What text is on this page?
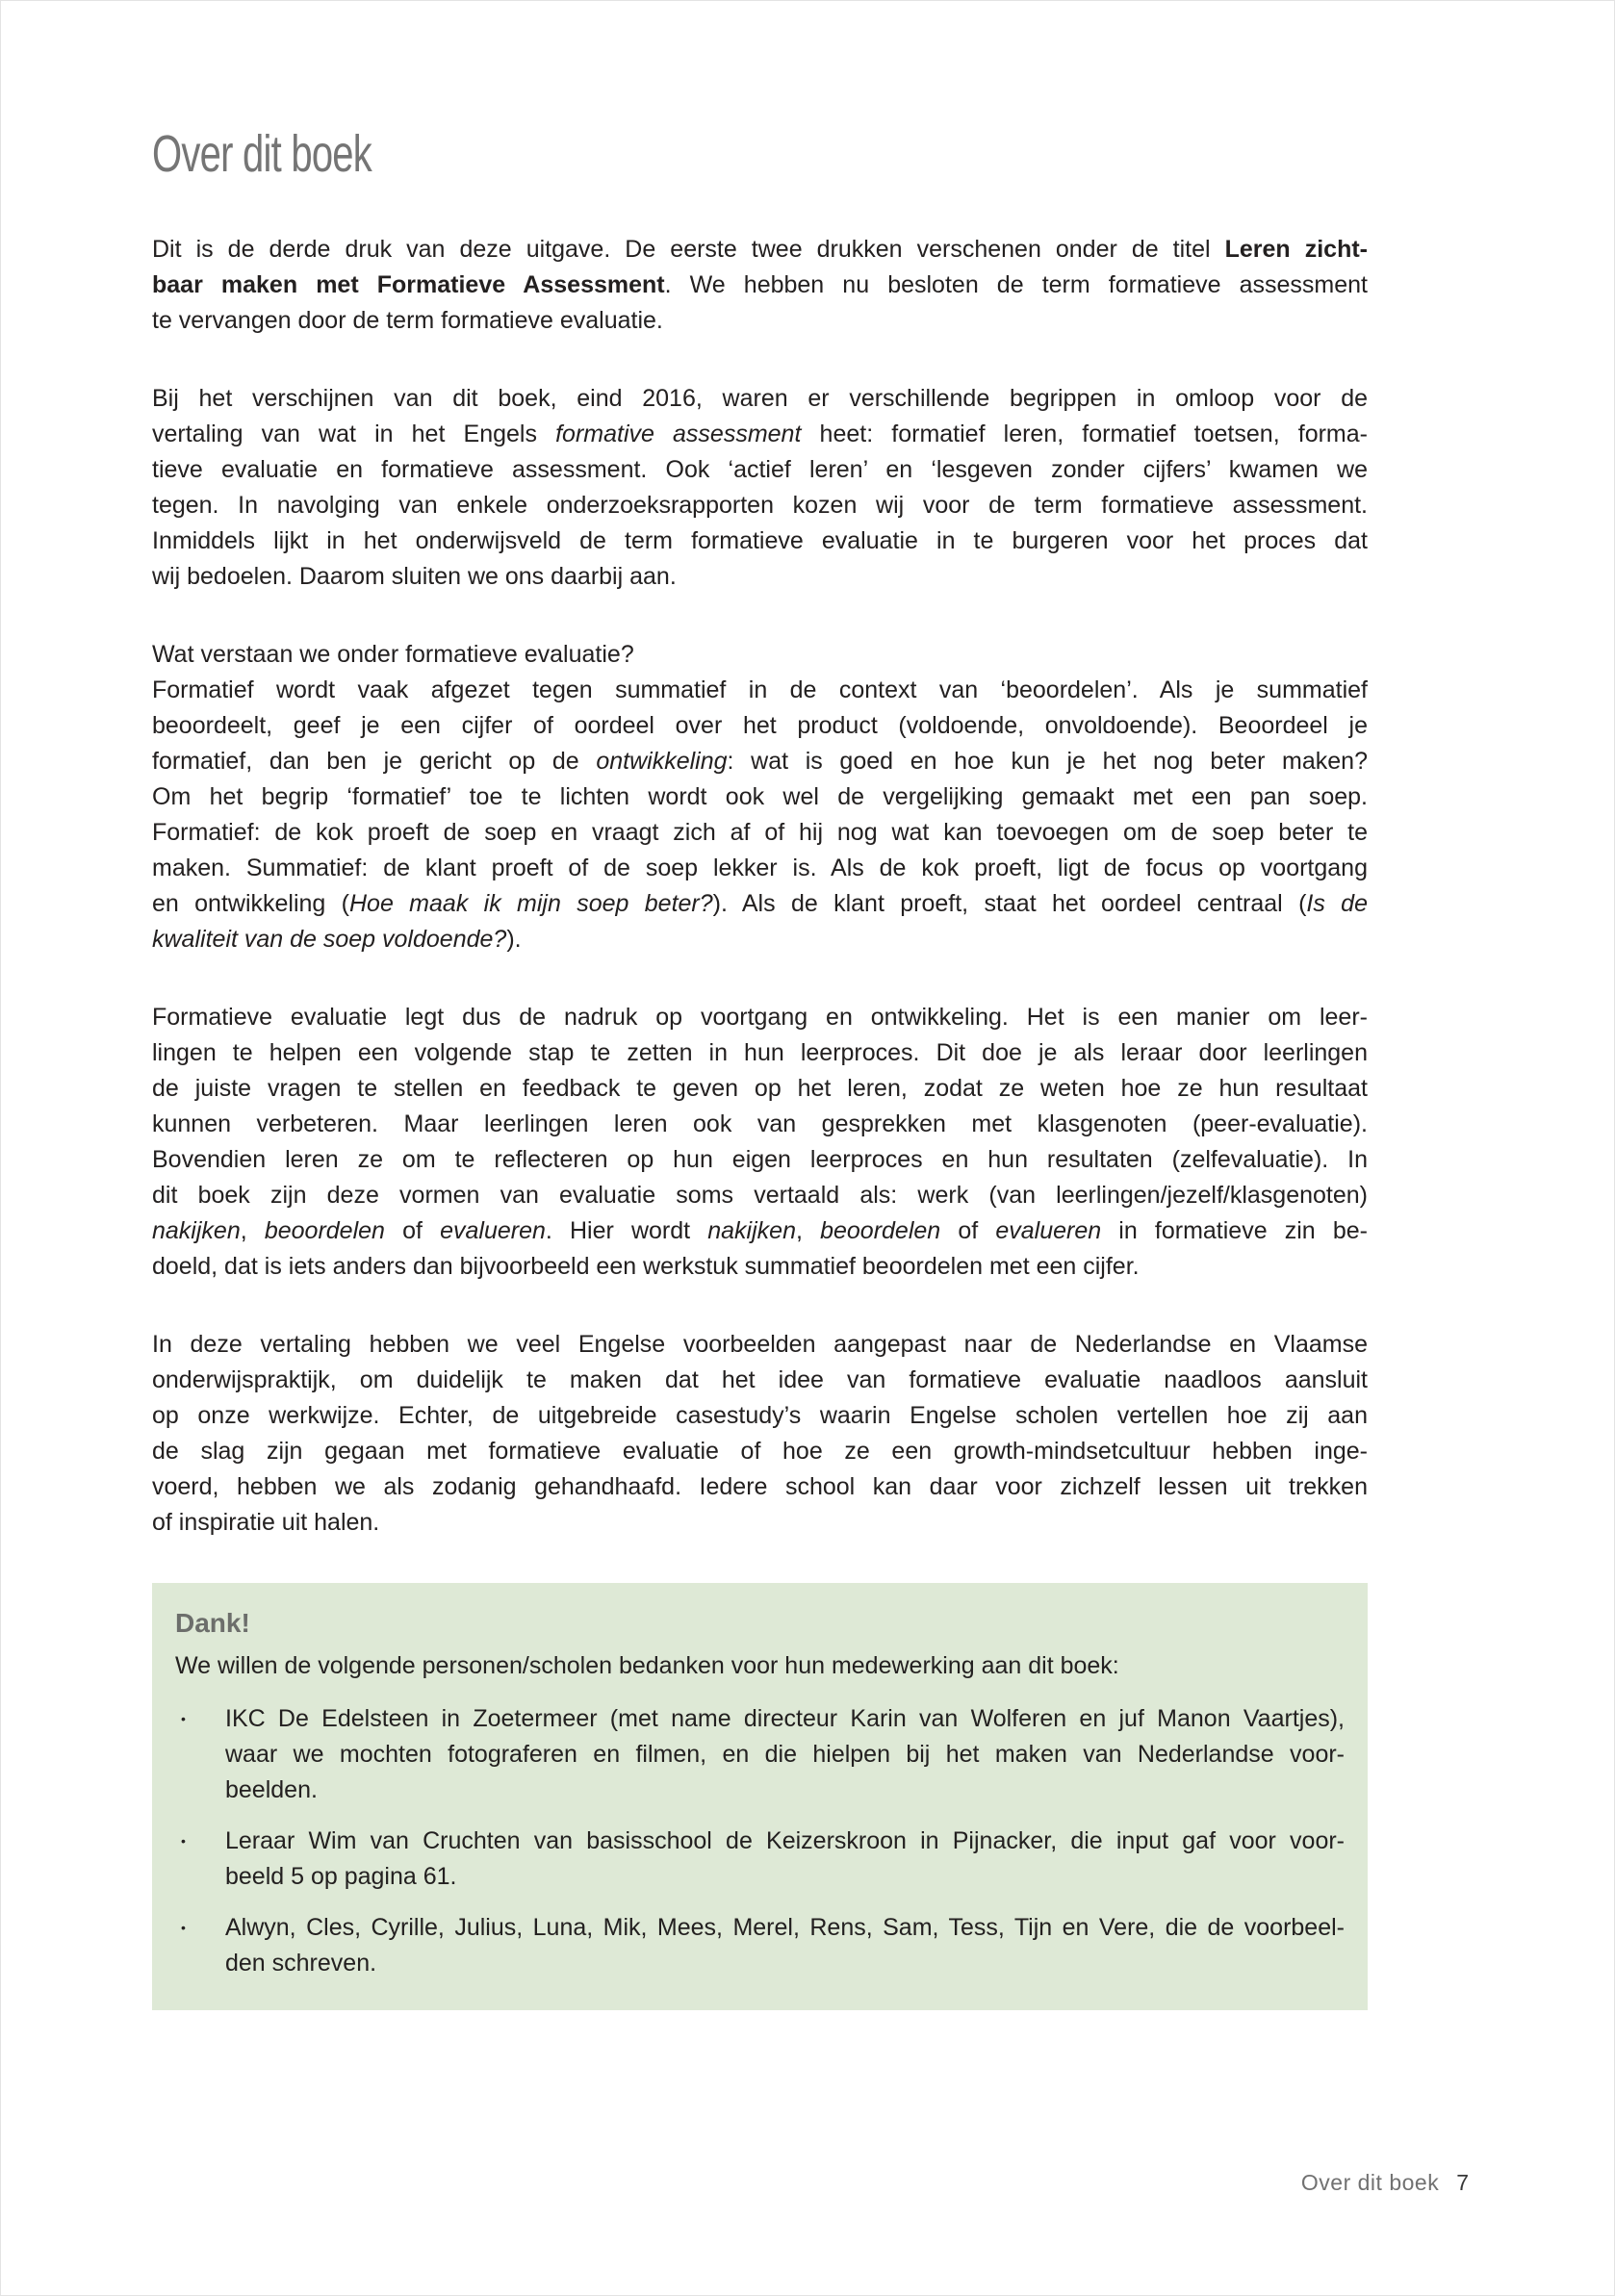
Over dit boek
Dit is de derde druk van deze uitgave. De eerste twee drukken verschenen onder de titel Leren zicht-
baar maken met Formatieve Assessment. We hebben nu besloten de term formatieve assessment
te vervangen door de term formatieve evaluatie.
Bij het verschijnen van dit boek, eind 2016, waren er verschillende begrippen in omloop voor de
vertaling van wat in het Engels formative assessment heet: formatief leren, formatief toetsen, forma-
tieve evaluatie en formatieve assessment. Ook ‘actief leren’ en ‘lesgeven zonder cijfers’ kwamen we
tegen. In navolging van enkele onderzoeksrapporten kozen wij voor de term formatieve assessment.
Inmiddels lijkt in het onderwijsveld de term formatieve evaluatie in te burgeren voor het proces dat
wij bedoelen. Daarom sluiten we ons daarbij aan.
Wat verstaan we onder formatieve evaluatie?
Formatief wordt vaak afgezet tegen summatief in de context van ‘beoordelen’. Als je summatief
beoordeelt, geef je een cijfer of oordeel over het product (voldoende, onvoldoende). Beoordeel je
formatief, dan ben je gericht op de ontwikkeling: wat is goed en hoe kun je het nog beter maken?
Om het begrip ‘formatief’ toe te lichten wordt ook wel de vergelijking gemaakt met een pan soep.
Formatief: de kok proeft de soep en vraagt zich af of hij nog wat kan toevoegen om de soep beter te
maken. Summatief: de klant proeft of de soep lekker is. Als de kok proeft, ligt de focus op voortgang
en ontwikkeling (Hoe maak ik mijn soep beter?). Als de klant proeft, staat het oordeel centraal (Is de
kwaliteit van de soep voldoende?).
Formatieve evaluatie legt dus de nadruk op voortgang en ontwikkeling. Het is een manier om leer-
lingen te helpen een volgende stap te zetten in hun leerproces. Dit doe je als leraar door leerlingen
de juiste vragen te stellen en feedback te geven op het leren, zodat ze weten hoe ze hun resultaat
kunnen verbeteren. Maar leerlingen leren ook van gesprekken met klasgenoten (peer-evaluatie).
Bovendien leren ze om te reflecteren op hun eigen leerproces en hun resultaten (zelfevaluatie). In
dit boek zijn deze vormen van evaluatie soms vertaald als: werk (van leerlingen/jezelf/klasgenoten)
nakijken, beoordelen of evalueren. Hier wordt nakijken, beoordelen of evalueren in formatieve zin be-
doeld, dat is iets anders dan bijvoorbeeld een werkstuk summatief beoordelen met een cijfer.
In deze vertaling hebben we veel Engelse voorbeelden aangepast naar de Nederlandse en Vlaamse
onderwijspraktijk, om duidelijk te maken dat het idee van formatieve evaluatie naadloos aansluit
op onze werkwijze. Echter, de uitgebreide casestudy’s waarin Engelse scholen vertellen hoe zij aan
de slag zijn gegaan met formatieve evaluatie of hoe ze een growth-mindsetcultuur hebben inge-
voerd, hebben we als zodanig gehandhaafd. Iedere school kan daar voor zichzelf lessen uit trekken
of inspiratie uit halen.
Dank!

We willen de volgende personen/scholen bedanken voor hun medewerking aan dit boek:

• IKC De Edelsteen in Zoetermeer (met name directeur Karin van Wolferen en juf Manon Vaartjes),
waar we mochten fotograferen en filmen, en die hielpen bij het maken van Nederlandse voor-
beelden.
• Leraar Wim van Cruchten van basisschool de Keizerskroon in Pijnacker, die input gaf voor voor-
beeld 5 op pagina 61.
• Alwyn, Cles, Cyrille, Julius, Luna, Mik, Mees, Merel, Rens, Sam, Tess, Tijn en Vere, die de voorbeel-
den schreven.
Over dit boek 7
